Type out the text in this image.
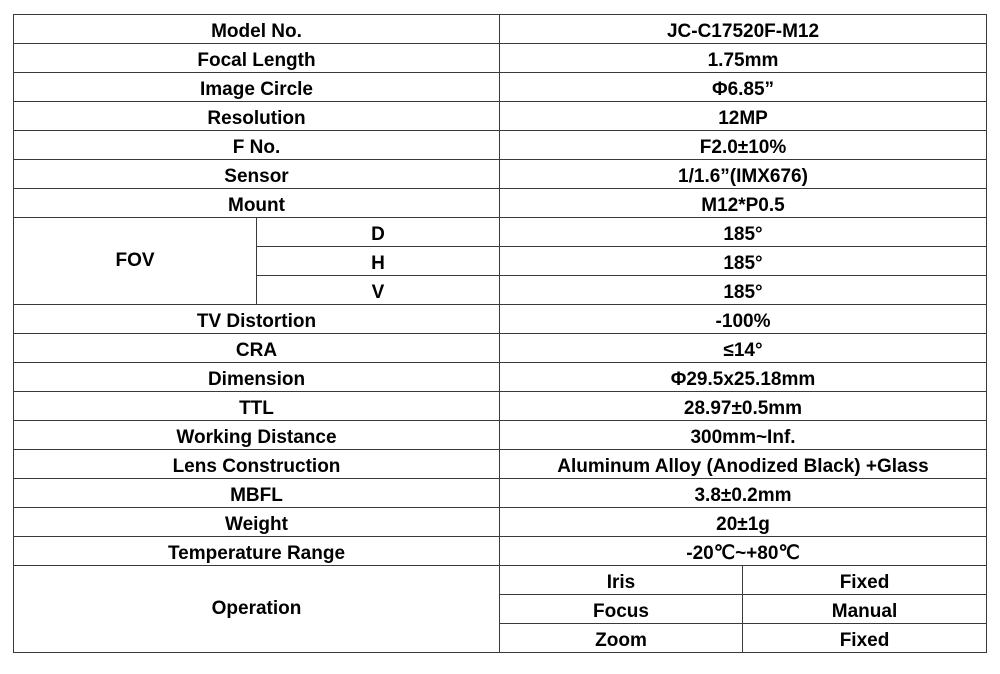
Model No.		JC-C17520F-M12	
Focal Length		1.75mm	
Image Circle		Φ6.85”	
Resolution		12MP	
F No.		F2.0±10%	
Sensor		1/1.6”(IMX676)	
Mount		M12*P0.5	
FOV	D	185°	
	H	185°	
	V	185°	
TV Distortion		-100%	
CRA		≤14°	
Dimension		Φ29.5x25.18mm	
TTL		28.97±0.5mm	
Working Distance		300mm~Inf.	
Lens Construction		Aluminum Alloy (Anodized Black) +Glass	
MBFL		3.8±0.2mm	
Weight		20±1g	
Temperature Range		-20℃~+80℃	
Operation		Iris	Fixed
		Focus	Manual
		Zoom	Fixed
